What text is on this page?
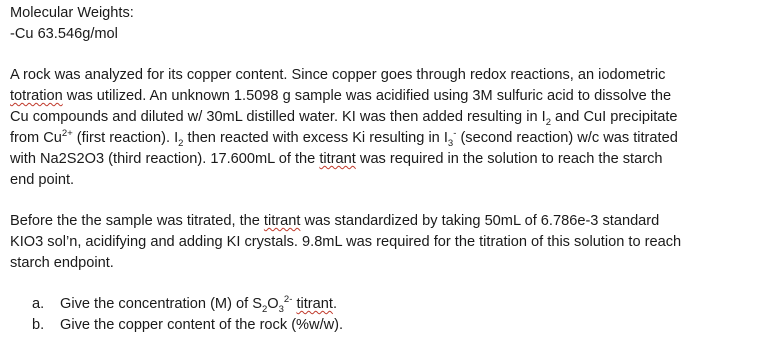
Molecular Weights:
-Cu 63.546g/mol
A rock was analyzed for its copper content. Since copper goes through redox reactions, an iodometric
totration was utilized. An unknown 1.5098 g sample was acidified using 3M sulfuric acid to dissolve the
Cu compounds and diluted w/ 30mL distilled water. KI was then added resulting in $I_2$ and CuI precipitate
from $Cu^{2+}$ (first reaction). $I_2$ then reacted with excess Ki resulting in $I_3^-$ (second reaction) w/c was titrated
with Na2S2O3 (third reaction). 17.600mL of the titrant was required in the solution to reach the starch
end point.
Before the the sample was titrated, the titrant was standardized by taking 50mL of 6.786e-3 standard
KIO3 sol’n, acidifying and adding KI crystals. 9.8mL was required for the titration of this solution to reach
starch endpoint.
a.	Give the concentration (M) of $S_2O_3^{2-}$ titrant.
b.	Give the copper content of the rock (%w/w).
